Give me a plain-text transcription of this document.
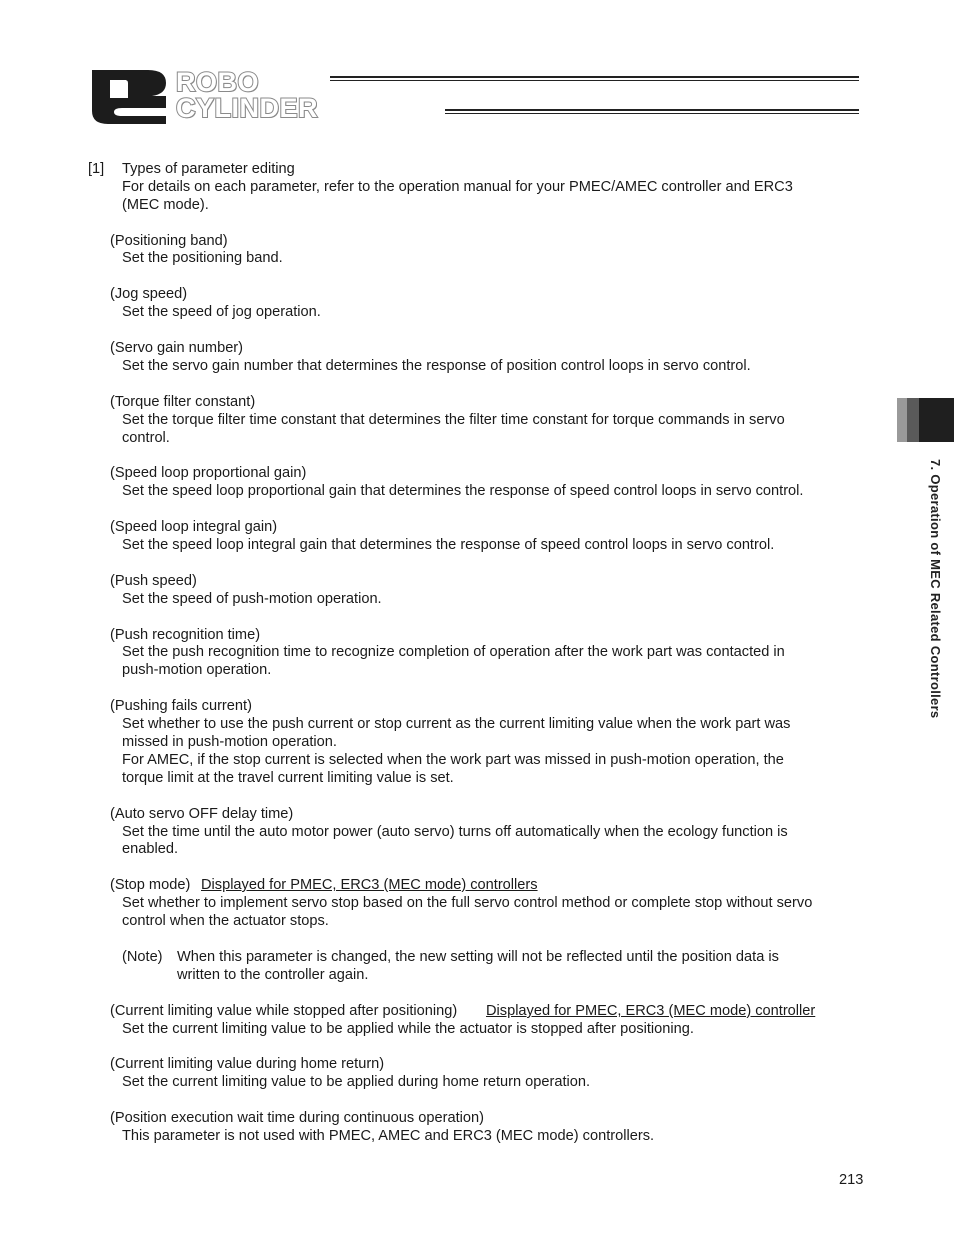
ROBO
CYLINDER
[1] Types of parameter editing
For details on each parameter, refer to the operation manual for your PMEC/AMEC controller and ERC3
(MEC mode).
(Positioning band)
Set the positioning band.
(Jog speed)
Set the speed of jog operation.
(Servo gain number)
Set the servo gain number that determines the response of position control loops in servo control.
(Torque filter constant)
Set the torque filter time constant that determines the filter time constant for torque commands in servo
control.
(Speed loop proportional gain)
Set the speed loop proportional gain that determines the response of speed control loops in servo control.
(Speed loop integral gain)
Set the speed loop integral gain that determines the response of speed control loops in servo control.
(Push speed)
Set the speed of push-motion operation.
(Push recognition time)
Set the push recognition time to recognize completion of operation after the work part was contacted in
push-motion operation.
(Pushing fails current)
Set whether to use the push current or stop current as the current limiting value when the work part was
missed in push-motion operation.
For AMEC, if the stop current is selected when the work part was missed in push-motion operation, the
torque limit at the travel current limiting value is set.
(Auto servo OFF delay time)
Set the time until the auto motor power (auto servo) turns off automatically when the ecology function is
enabled.
(Stop mode) Displayed for PMEC, ERC3 (MEC mode) controllers
Set whether to implement servo stop based on the full servo control method or complete stop without servo
control when the actuator stops.
(Note) When this parameter is changed, the new setting will not be reflected until the position data is
written to the controller again.
(Current limiting value while stopped after positioning) Displayed for PMEC, ERC3 (MEC mode) controller
Set the current limiting value to be applied while the actuator is stopped after positioning.
(Current limiting value during home return)
Set the current limiting value to be applied during home return operation.
(Position execution wait time during continuous operation)
This parameter is not used with PMEC, AMEC and ERC3 (MEC mode) controllers.
7. Operation of MEC Related Controllers
213
